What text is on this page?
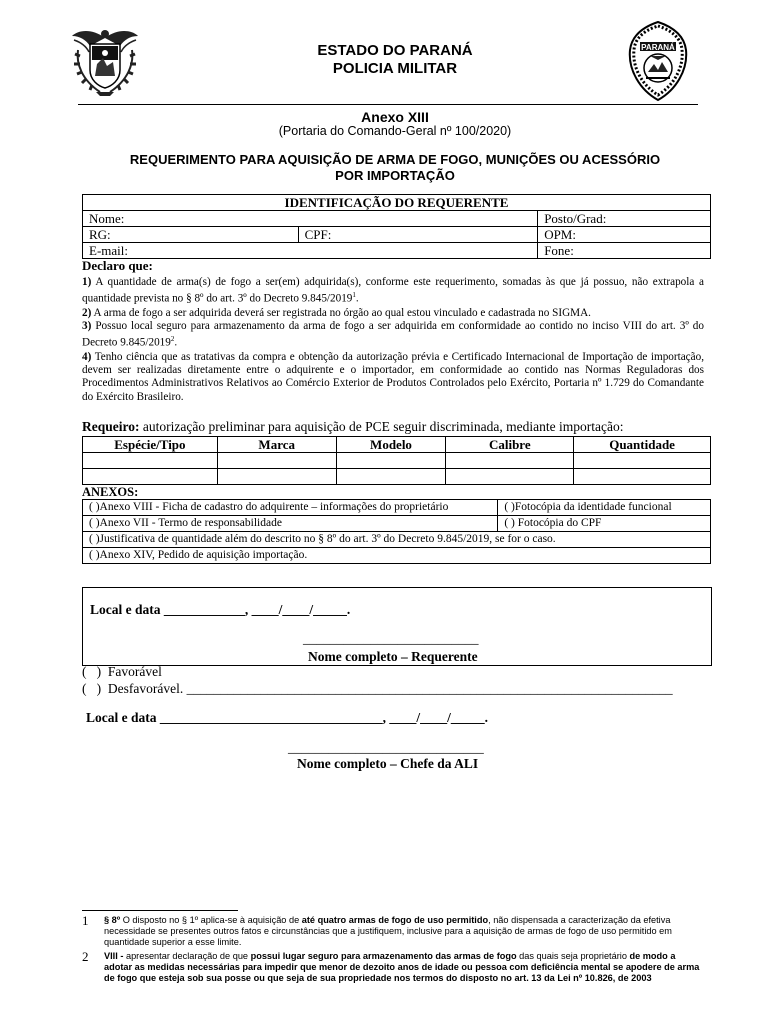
ESTADO DO PARANÁ
POLICIA MILITAR
PARANÁ
Anexo XIII
(Portaria do Comando-Geral nº 100/2020)
REQUERIMENTO PARA AQUISIÇÃO DE ARMA DE FOGO, MUNIÇÕES OU ACESSÓRIO
POR IMPORTAÇÃO
IDENTIFICAÇÃO DO REQUERENTE		
Nome:		Posto/Grad:
RG:	CPF:	OPM:
E-mail:		Fone:
Declaro que:

1) A quantidade de arma(s) de fogo a ser(em) adquirida(s), conforme este requerimento, somadas às que já possuo, não extrapola a quantidade prevista no § 8º do art. 3º do Decreto 9.845/2019$^1$.

2) A arma de fogo a ser adquirida deverá ser registrada no órgão ao qual estou vinculado e cadastrada no SIGMA.

3) Possuo local seguro para armazenamento da arma de fogo a ser adquirida em conformidade ao contido no inciso VIII do art. 3º do Decreto 9.845/2019$^2$.

4) Tenho ciência que as tratativas da compra e obtenção da autorização prévia e Certificado Internacional de Importação de importação, devem ser realizadas diretamente entre o adquirente e o importador, em conformidade ao contido nas Normas Reguladoras dos Procedimentos Administrativos Relativos ao Comércio Exterior de Produtos Controlados pelo Exército, Portaria nº 1.729 do Comandante do Exército Brasileiro.

Requeiro: autorização preliminar para aquisição de PCE seguir discriminada, mediante importação:
Espécie/Tipo	Marca	Modelo	Calibre	Quantidade

ANEXOS:
( )Anexo VIII - Ficha de cadastro do adquirente – informações do proprietário	( )Fotocópia da identidade funcional
( )Anexo VII - Termo de responsabilidade	( ) Fotocópia do CPF
( )Justificativa de quantidade além do descrito no § 8º do art. 3º do Decreto 9.845/2019, se for o caso.	
( )Anexo XIV, Pedido de aquisição importação.	
Local e data ____________, ____/____/_____.
__________________________
Nome completo – Requerente
(   )  Favorável
(   )  Desfavorável. ________________________________________________________________________
Local e data _________________________________, ____/____/_____.
_____________________________
Nome completo – Chefe da ALI
1 § 8º O disposto no § 1º aplica-se à aquisição de até quatro armas de fogo de uso permitido, não dispensada a caracterização da efetiva necessidade se presentes outros fatos e circunstâncias que a justifiquem, inclusive para a aquisição de armas de fogo de uso permitido em quantidade superior a esse limite.
2 VIII - apresentar declaração de que possui lugar seguro para armazenamento das armas de fogo das quais seja proprietário de modo a adotar as medidas necessárias para impedir que menor de dezoito anos de idade ou pessoa com deficiência mental se apodere de arma de fogo que esteja sob sua posse ou que seja de sua propriedade nos termos do disposto no art. 13 da Lei nº 10.826, de 2003
